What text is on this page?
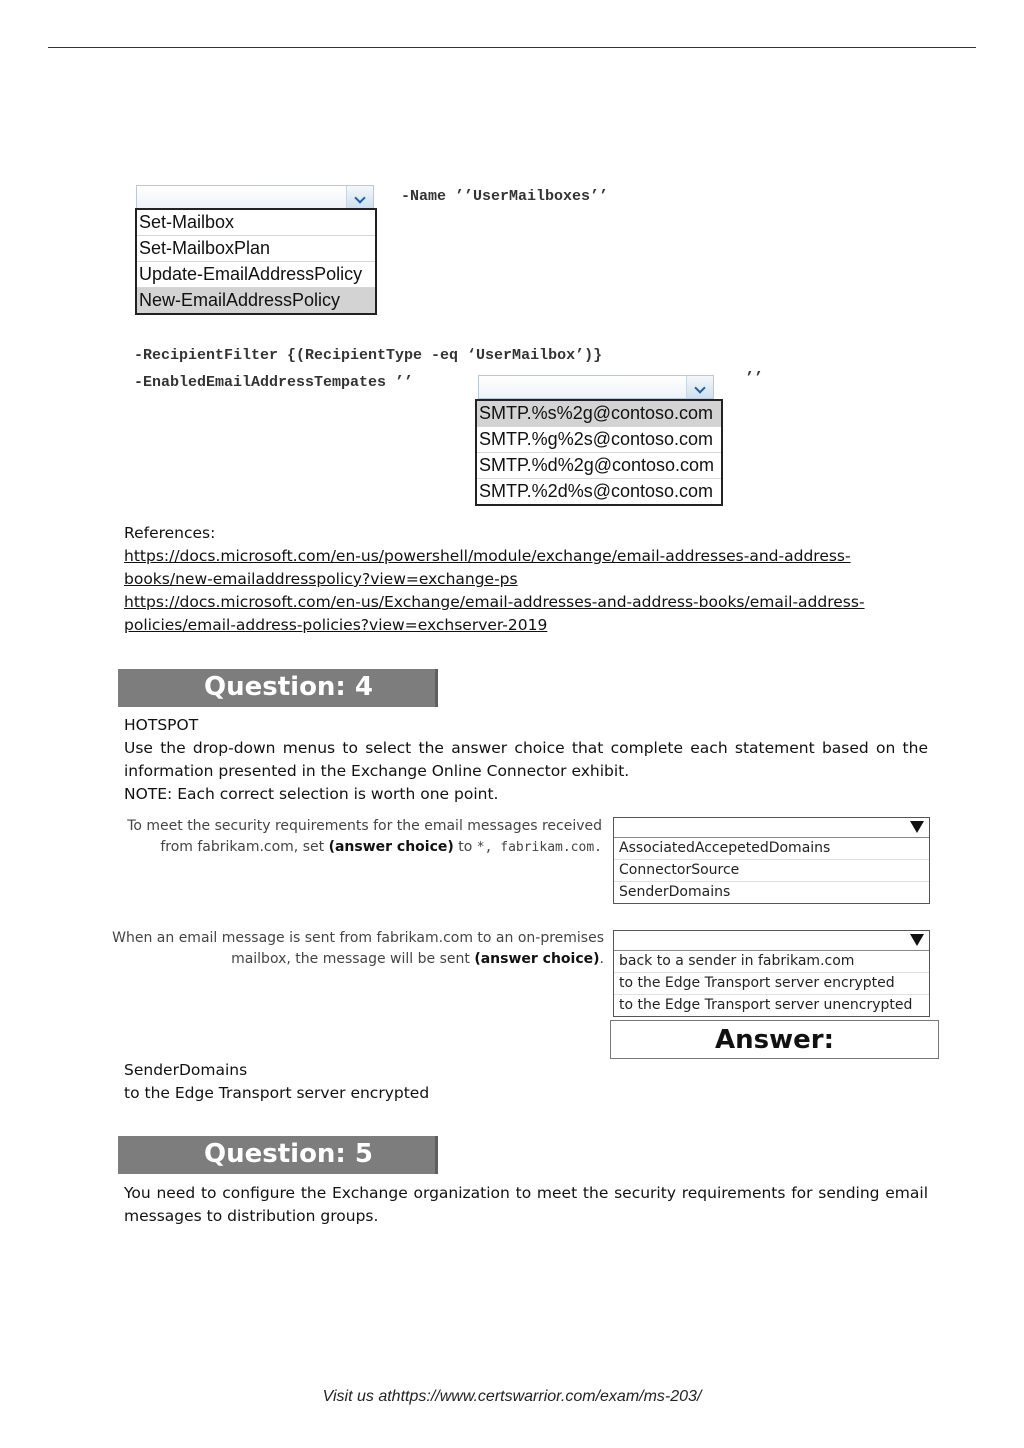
Set-Mailbox
Set-MailboxPlan
Update-EmailAddressPolicy
New-EmailAddressPolicy
-Name ’’UserMailboxes’’
-RecipientFilter {(RecipientType -eq ‘UserMailbox’)}
-EnabledEmailAddressTempates ’’	’’
SMTP.%s%2g@contoso.com
SMTP.%g%2s@contoso.com
SMTP.%d%2g@contoso.com
SMTP.%2d%s@contoso.com
References:
https://docs.microsoft.com/en-us/powershell/module/exchange/email-addresses-and-address-
books/new-emailaddresspolicy?view=exchange-ps
https://docs.microsoft.com/en-us/Exchange/email-addresses-and-address-books/email-address-
policies/email-address-policies?view=exchserver-2019
Question: 4
HOTSPOT
Use the drop-down menus to select the answer choice that complete each statement based on the information presented in the Exchange Online Connector exhibit.
NOTE: Each correct selection is worth one point.
To meet the security requirements for the email messages received
from fabrikam.com, set (answer choice) to *, fabrikam.com.	AssociatedAccepetedDomains
ConnectorSource
SenderDomains
When an email message is sent from fabrikam.com to an on-premises
mailbox, the message will be sent (answer choice).	back to a sender in fabrikam.com
to the Edge Transport server encrypted
to the Edge Transport server unencrypted
Answer:
SenderDomains
to the Edge Transport server encrypted
Question: 5
You need to configure the Exchange organization to meet the security requirements for sending email messages to distribution groups.
Visit us athttps://www.certswarrior.com/exam/ms-203/
